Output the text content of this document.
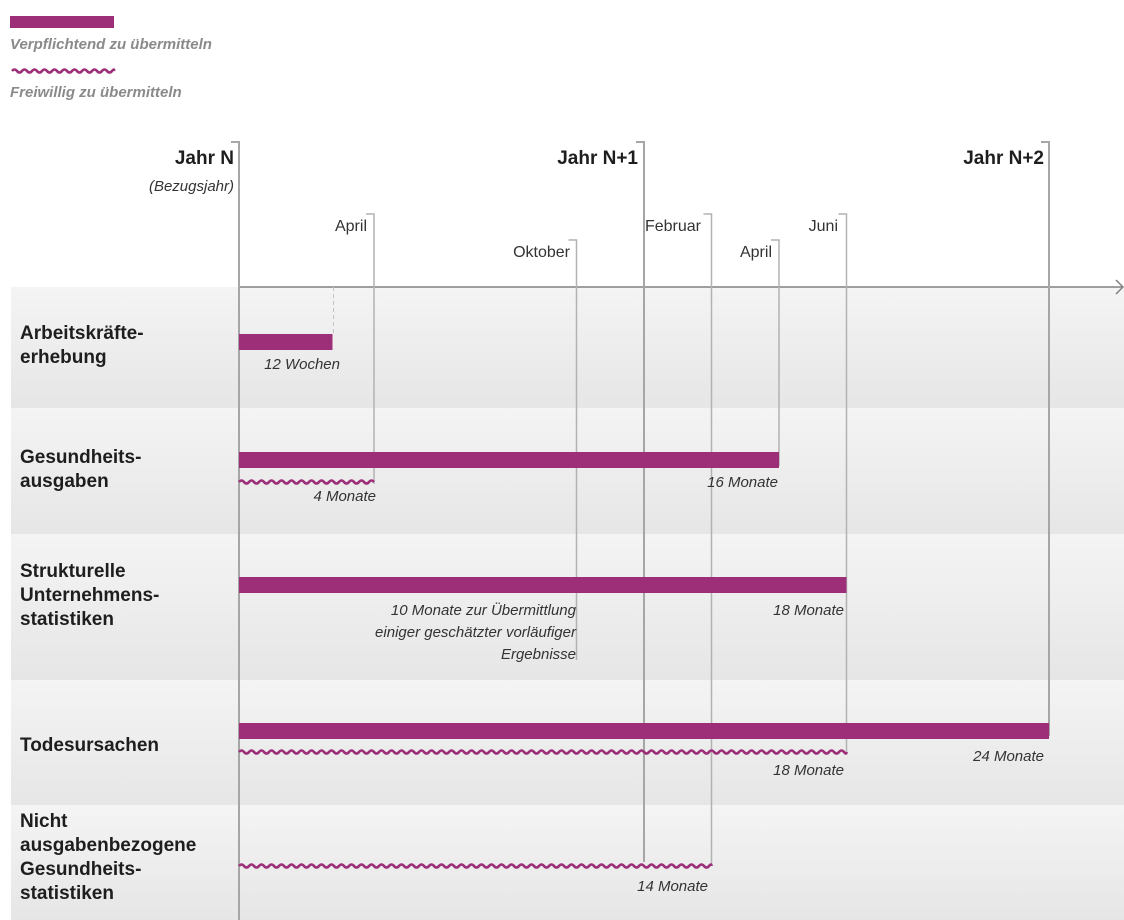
Verpflichtend zu übermitteln
Freiwillig zu übermitteln
Jahr N
(Bezugsjahr)
Jahr N+1	Jahr N+2
April
Oktober
Februar
April
Juni
Arbeitskräfte-
erhebung
Gesundheits-
ausgaben
Strukturelle
Unternehmens-
statistiken
Todesursachen
Nicht
ausgabenbezogene
Gesundheits-
statistiken
12 Wochen
4 Monate
16 Monate
10 Monate zur Übermittlung
einiger geschätzter vorläufiger
Ergebnisse
18 Monate
24 Monate
18 Monate
14 Monate
